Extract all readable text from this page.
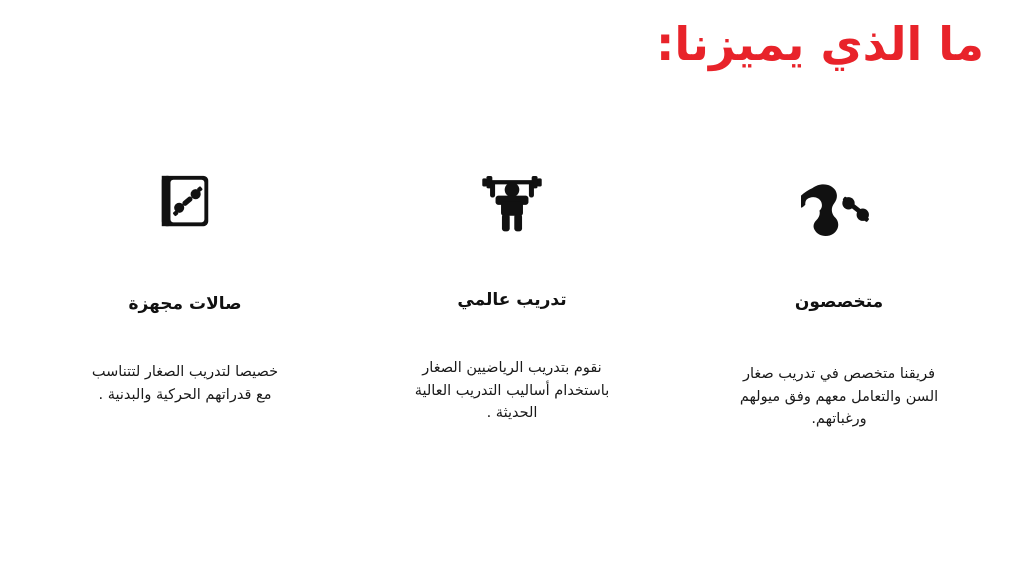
ما الذي يميزنا:
صالات مجهزة
خصيصا لتدريب الصغار لتتناسب مع قدراتهم الحركية والبدنية .
تدريب عالمي
نقوم بتدريب الرياضيين الصغار باستخدام أساليب التدريب العالية الحديثة .
متخصصون
فريقنا متخصص في تدريب صغار السن والتعامل معهم وفق ميولهم ورغباتهم.
